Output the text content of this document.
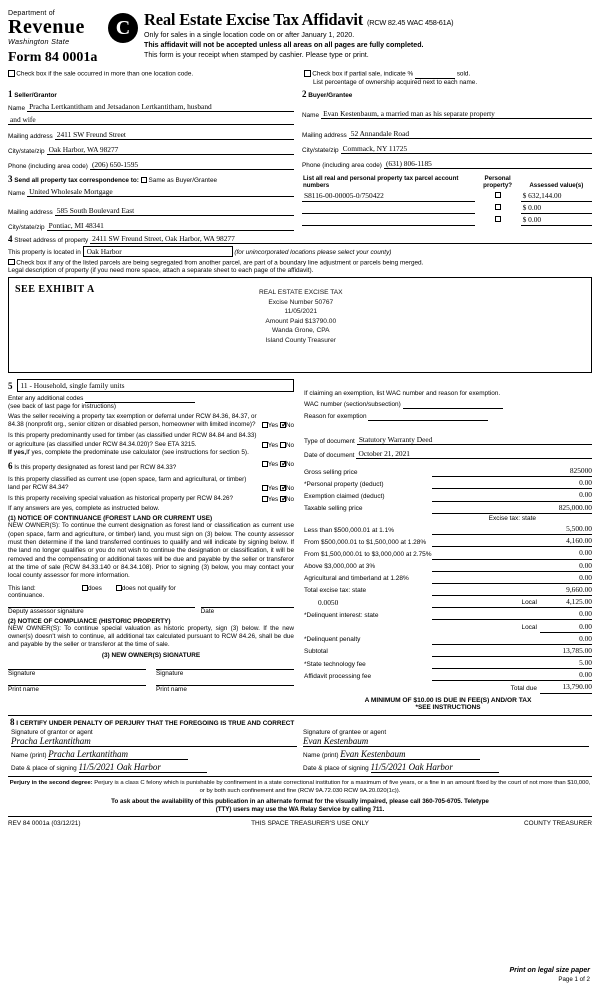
Department of
Revenue
Washington State
C
Form 84 0001a
Real Estate Excise Tax Affidavit (RCW 82.45 WAC 458-61A)
Only for sales in a single location code on or after January 1, 2020.
This affidavit will not be accepted unless all areas on all pages are fully completed.
This form is your receipt when stamped by cashier. Please type or print.
Check box if the sale occurred in more than one location code.	Check box if partial sale, indicate %	sold.
List percentage of ownership acquired next to each name.
1 Seller/Grantor
Name Pracha Lertkantitham and Jetsadanon Lertkantitham, husband
and wife
Mailing address 2411 SW Freund Street
City/state/zip Oak Harbor, WA 98277
Phone (including area code) (206) 650-1595
2 Buyer/Grantee
Name Evan Kestenbaum, a married man as his separate property
Mailing address 52 Annandale Road
City/state/zip Commack, NY 11725
Phone (including area code) (631) 806-1185
3 Send all property tax correspondence to: Same as Buyer/Grantee
Name United Wholesale Mortgage
Mailing address 585 South Boulevard East
City/state/zip Pontiac, MI 48341
List all real and personal property tax parcel account numbers	Personal property?	Assessed value(s)
S8116-00-00005-0/750422		$ 632,144.00
		$ 0.00
		$ 0.00
4 Street address of property 2411 SW Freund Street, Oak Harbor, WA 98277
This property is located in Oak Harbor	(for unincorporated locations please select your county)
Check box if any of the listed parcels are being segregated from another parcel, are part of a boundary line adjustment or parcels being merged.
Legal description of property (if you need more space, attach a separate sheet to each page of the affidavit).
SEE EXHIBIT A	REAL ESTATE EXCISE TAX
Excise Number 50767
11/05/2021
Amount Paid $13790.00
Wanda Grone, CPA
Island County Treasurer
5	11 - Household, single family units
Enter any additional codes
(see back of last page for instructions)
Was the seller receiving a property tax exemption or deferral under RCW 84.36, 84.37, or 84.38 (nonprofit org., senior citizen or disabled person, homeowner with limited income)?	Yes ✓ No
Is this property predominantly used for timber (as classified under RCW 84.84 and 84.33) or agriculture (as classified under RCW 84.34.020)? See ETA 3215.	Yes No
If yes,If yes, complete the predominate use calculator (see instructions for section 5).
6 Is this property designated as forest land per RCW 84.33?	Yes ✓No
Is this property classified as current use (open space, farm and agricultural, or timber) land per RCW 84.34?	Yes ✓No
Is this property receiving special valuation as historical property per RCW 84.26?	Yes ✓No
If any answers are yes, complete as instructed below.
(1) NOTICE OF CONTINUANCE (FOREST LAND OR CURRENT USE)
NEW OWNER(S): To continue the current designation as forest land or classification as current use (open space, farm and agriculture, or timber) land, you must sign on (3) below. The county assessor must then determine if the land transferred continues to qualify and will indicate by signing below. If the land no longer qualifies or you do not wish to continue the designation or classification, it will be removed and the compensating or additional taxes will be due and payable by the seller or transferor at the time of sale (RCW 84.33.140 or 84.34.108). Prior to signing (3) below, you may contact your local county assessor for more information.
This land:	does	does not qualify for
continuance.
Deputy assessor signature	Date
(2) NOTICE OF COMPLIANCE (HISTORIC PROPERTY)
NEW OWNER(S): To continue special valuation as historic property, sign (3) below. If the new owner(s) doesn't wish to continue, all additional tax calculated pursuant to RCW 84.26, shall be due and payable by the seller or transferor at the time of sale.
(3) NEW OWNER(S) SIGNATURE
Signature	Signature
Print name	Print name
If claiming an exemption, list WAC number and reason for exemption.
WAC number (section/subsection)
Reason for exemption
Type of document Statutory Warranty Deed
Date of document October 21, 2021
Gross selling price		825000
*Personal property (deduct)		0.00
Exemption claimed (deduct)		0.00
Taxable selling price		825,000.00
Excise tax: state		
Less than $500,000.01 at 1.1%		5,500.00
From $500,000.01 to $1,500,000 at 1.28%		4,160.00
From $1,500,000.01 to $3,000,000 at 2.75%		0.00
Above $3,000,000 at 3%		0.00
Agricultural and timberland at 1.28%		0.00
Total excise tax: state		9,660.00
0.0050	Local	4,125.00
*Delinquent interest: state		0.00
Local		0.00
*Delinquent penalty		0.00
Subtotal		13,785.00
*State technology fee		5.00
Affidavit processing fee		0.00
Total due		13,790.00
A MINIMUM OF $10.00 IS DUE IN FEE(S) AND/OR TAX
*SEE INSTRUCTIONS
8 I CERTIFY UNDER PENALTY OF PERJURY THAT THE FOREGOING IS TRUE AND CORRECT
Signature of grantor or agent
Pracha Lertkantitham

Signature of grantee or agent
Evan Kestenbaum

Name (print) Pracha Lertkantitham	Name (print) Evan Kestenbaum
Date & place of signing 11/5/2021 Oak Harbor	Date & place of signing 11/5/2021 Oak Harbor
Perjury in the second degree: Perjury is a class C felony which is punishable by confinement in a state correctional institution for a maximum of five years, or a fine in an amount fixed by the court of not more than $10,000, or by both such confinement and fine (RCW 9A.72.030 RCW 9A.20.020(1c)).
To ask about the availability of this publication in an alternate format for the visually impaired, please call 360-705-6705. Teletype
(TTY) users may use the WA Relay Service by calling 711.
REV 84 0001a (03/12/21)	THIS SPACE TREASURER'S USE ONLY	COUNTY TREASURER
Print on legal size paper
Page 1 of 2
